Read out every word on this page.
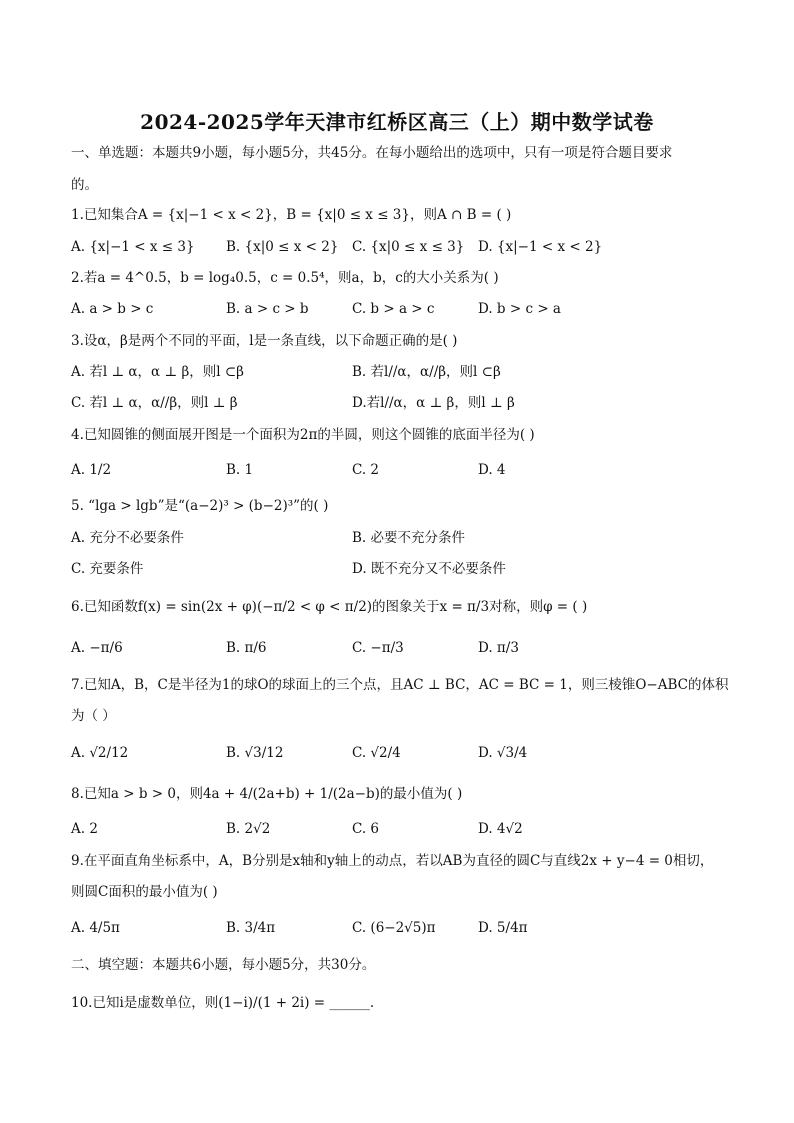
2024-2025学年天津市红桥区高三（上）期中数学试卷
一、单选题：本题共9小题，每小题5分，共45分。在每小题给出的选项中，只有一项是符合题目要求
的。
1.已知集合A = {x|−1 < x < 2}，B = {x|0 ≤ x ≤ 3}，则A ∩ B = ( )
A. {x|−1 < x ≤ 3} B. {x|0 ≤ x < 2} C. {x|0 ≤ x ≤ 3} D. {x|−1 < x < 2}
2.若a = 4^0.5，b = log₄0.5，c = 0.5⁴，则a，b，c的大小关系为( )
A. a > b > c	B. a > c > b	C. b > a > c	D. b > c > a
3.设α，β是两个不同的平面，l是一条直线，以下命题正确的是( )
A. 若l ⊥ α，α ⊥ β，则l ⊂β	B. 若l//α，α//β，则l ⊂β
C. 若l ⊥ α，α//β，则l ⊥ β	D.若l//α，α ⊥ β，则l ⊥ β
4.已知圆锥的侧面展开图是一个面积为2π的半圆，则这个圆锥的底面半径为( )
A. 1/2	B. 1	C. 2	D. 4
5. “lga > lgb”是“(a−2)³ > (b−2)³”的( )
A. 充分不必要条件	B. 必要不充分条件
C. 充要条件	D. 既不充分又不必要条件
6.已知函数f(x) = sin(2x + φ)(−π/2 < φ < π/2)的图象关于x = π/3对称，则φ = ( )
A. −π/6	B. π/6	C. −π/3	D. π/3
7.已知A，B，C是半径为1的球O的球面上的三个点，且AC ⊥ BC，AC = BC = 1，则三棱锥O−ABC的体积
为（ ）
A. √2/12	B. √3/12	C. √2/4	D. √3/4
8.已知a > b > 0，则4a + 4/(2a+b) + 1/(2a−b)的最小值为( )
A. 2	B. 2√2	C. 6	D. 4√2
9.在平面直角坐标系中，A，B分别是x轴和y轴上的动点，若以AB为直径的圆C与直线2x + y−4 = 0相切，
则圆C面积的最小值为( )
A. 4/5π	B. 3/4π	C. (6−2√5)π	D. 5/4π
二、填空题：本题共6小题，每小题5分，共30分。
10.已知i是虚数单位，则(1−i)/(1 + 2i) = ______.
